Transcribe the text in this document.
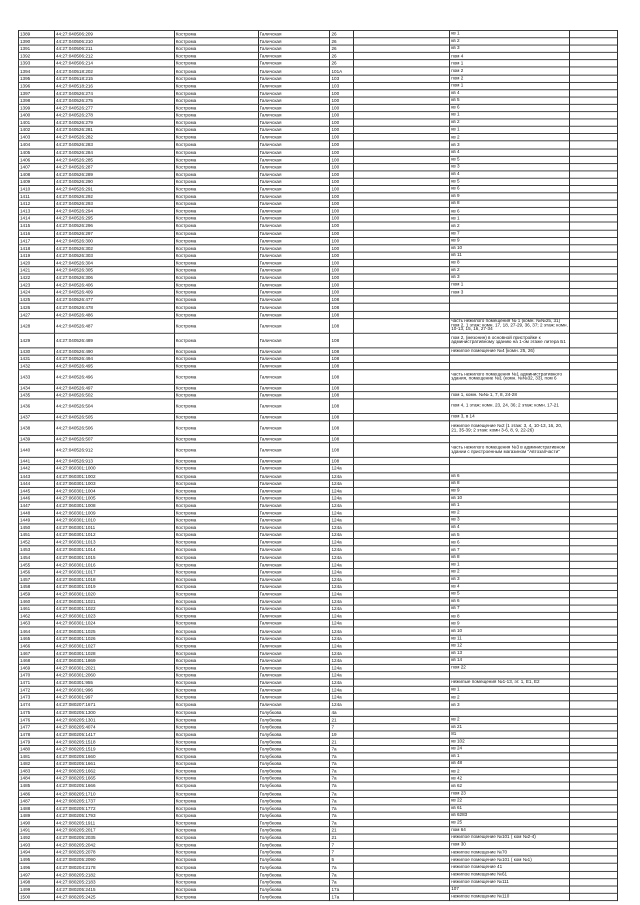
1389	44:27:040506:209	Кострома	Галичская	26		кв 1	
1390	44:27:040506:210	Кострома	Галичская	26		кв 2	
1391	44:27:040506:211	Кострома	Галичская	26		кв 3	
1392	44:27:040506:212	Кострома	Галичская	26		пом 4	
1393	44:27:040506:214	Кострома	Галичская	26		пом 1	
1394	44:27:040518:202	Кострома	Галичская	101А		пом 2	
1395	44:27:040518:215	Кострома	Галичская	103		пом 2	
1396	44:27:040518:216	Кострома	Галичская	103		пом 1	
1397	44:27:040526:274	Кострома	Галичская	100		кв 4	
1398	44:27:040526:275	Кострома	Галичская	100		кв 5	
1399	44:27:040526:277	Кострома	Галичская	100		кв 6	
1400	44:27:040526:278	Кострома	Галичская	100		кв 1	
1401	44:27:040526:279	Кострома	Галичская	100		кв 2	
1402	44:27:040526:281	Кострома	Галичская	100		кв 1	
1403	44:27:040526:282	Кострома	Галичская	100		кв 2	
1404	44:27:040526:283	Кострома	Галичская	100		кв 3	
1405	44:27:040526:284	Кострома	Галичская	100		кв 4	
1406	44:27:040526:285	Кострома	Галичская	100		кв 5	
1407	44:27:040526:287	Кострома	Галичская	100		кв 3	
1408	44:27:040526:289	Кострома	Галичская	100		кв 4	
1409	44:27:040526:290	Кострома	Галичская	100		кв 5	
1410	44:27:040526:291	Кострома	Галичская	100		кв 6	
1411	44:27:040526:292	Кострома	Галичская	100		кв 9	
1412	44:27:040526:293	Кострома	Галичская	100		кв 8	
1413	44:27:040526:294	Кострома	Галичская	100		кв 6	
1414	44:27:040526:295	Кострома	Галичская	100		кв 1	
1415	44:27:040526:296	Кострома	Галичская	100		кв 2	
1416	44:27:040526:297	Кострома	Галичская	100		кв 7	
1417	44:27:040526:300	Кострома	Галичская	100		кв 9	
1418	44:27:040526:302	Кострома	Галичская	100		кв 10	
1419	44:27:040526:303	Кострома	Галичская	100		кв 11	
1420	44:27:040526:304	Кострома	Галичская	100		кв 8	
1421	44:27:040526:305	Кострома	Галичская	100		кв 2	
1422	44:27:040526:306	Кострома	Галичская	100		кв 3	
1423	44:27:040526:406	Кострома	Галичская	100		пом 1	
1424	44:27:040526:409	Кострома	Галичская	100		пом 3	
1425	44:27:040526:477	Кострома	Галичская	108			
1426	44:27:040526:478	Кострома	Галичская	108			
1427	44:27:040526:486	Кострома	Галичская	108			
1428	44:27:040526:487	Кострома	Галичская	108		часть нежилого помещения № 1 (комн. №№25, 31) пом 2, 1 этаж: комн. 17, 18, 27-29, 36, 37; 2 этаж: комн. 10-13, 15, 16, 27-34	
1429	44:27:040526:489	Кострома	Галичская	108		пом 2, (мезонин) в основной пристройке к административному зданию на 1-ом этаже литера Б1	
1430	44:27:040526:490	Кострома	Галичская	108		нежилое помещение №4 (комн. 25, 26)	
1431	44:27:040526:494	Кострома	Галичская	108			
1432	44:27:040526:495	Кострома	Галичская	108			
1433	44:27:040526:496	Кострома	Галичская	108		часть нежилого помещения №1 административного здания, помещение №1 (комн. №№32, 33), пом 6	
1434	44:27:040526:497	Кострома	Галичская	108			
1435	44:27:040526:502	Кострома	Галичская	108		пом 1, комн. №№ 1, 7, 8, 24-28	
1436	44:27:040526:504	Кострома	Галичская	108		пом 4, 1 этаж: комн. 23, 24, 36; 2 этаж: комн. 17-21	
1437	44:27:040526:505	Кострома	Галичская	108		пом 3, в 14	
1438	44:27:040526:506	Кострома	Галичская	108		нежилое помещение №2 (1 этаж: 3, 4, 10-13, 16, 20, 21, 35-39; 2 этаж: комн 3-6, 8, 9, 22-26)	
1439	44:27:040526:507	Кострома	Галичская	108			
1440	44:27:040526:912	Кострома	Галичская	108		часть нежилого помещения №3 в административном здании с пристроенным магазином "Автозапчасти"	
1441	44:27:040526:913	Кострома	Галичская	108			
1442	44:27:060301:1000	Кострома	Галичская	124а			
1443	44:27:060301:1002	Кострома	Галичская	124а		кв 6	
1444	44:27:060301:1003	Кострома	Галичская	124а		кв 8	
1445	44:27:060301:1004	Кострома	Галичская	124а		кв 9	
1446	44:27:060301:1005	Кострома	Галичская	124а		кв 10	
1447	44:27:060301:1008	Кострома	Галичская	124а		кв 1	
1448	44:27:060301:1009	Кострома	Галичская	124а		кв 2	
1449	44:27:060301:1010	Кострома	Галичская	124а		кв 3	
1450	44:27:060301:1011	Кострома	Галичская	124а		кв 4	
1451	44:27:060301:1012	Кострома	Галичская	124а		кв 5	
1452	44:27:060301:1013	Кострома	Галичская	124а		кв 6	
1453	44:27:060301:1014	Кострома	Галичская	124а		кв 7	
1454	44:27:060301:1015	Кострома	Галичская	124а		кв 8	
1455	44:27:060301:1016	Кострома	Галичская	124а		кв 1	
1456	44:27:060301:1017	Кострома	Галичская	124а		кв 2	
1457	44:27:060301:1018	Кострома	Галичская	124а		кв 3	
1458	44:27:060301:1019	Кострома	Галичская	124а		кв 4	
1459	44:27:060301:1020	Кострома	Галичская	124а		кв 5	
1460	44:27:060301:1021	Кострома	Галичская	124а		кв 6	
1461	44:27:060301:1022	Кострома	Галичская	124а		кв 7	
1462	44:27:060301:1023	Кострома	Галичская	124а		кв 8	
1463	44:27:060301:1024	Кострома	Галичская	124а		кв 9	
1464	44:27:060301:1025	Кострома	Галичская	124а		кв 10	
1465	44:27:060301:1026	Кострома	Галичская	124а		кв 11	
1466	44:27:060301:1027	Кострома	Галичская	124а		кв 12	
1467	44:27:060301:1028	Кострома	Галичская	124а		кв 13	
1468	44:27:060301:1869	Кострома	Галичская	124а		кв 14	
1469	44:27:060301:2021	Кострома	Галичская	124а		пом 22	
1470	44:27:060301:2060	Кострома	Галичская	124а			
1471	44:27:060301:955	Кострома	Галичская	124а		нежилые помещения №1-13, эт. 1, Е1, Е2	
1472	44:27:060301:996	Кострома	Галичская	124а		кв 1	
1473	44:27:060301:997	Кострома	Галичская	124а		кв 2	
1474	44:27:080207:1671	Кострома	Галичская	124а		кв 3	
1475	44:27:080205:1300	Кострома	Голубкова	4а			
1476	44:27:080205:1301	Кострома	Голубкова	21		кв 2	
1477	44:27:080205:4074	Кострома	Голубкова	7		кв 21	
1478	44:27:080205:1417	Кострома	Голубкова	19		81	
1479	44:27:080205:1518	Кострома	Голубкова	21		кв 102	
1480	44:27:080205:1519	Кострома	Голубкова	7а		кв 24	
1481	44:27:080205:1660	Кострома	Голубкова	7а		кв 1	
1482	44:27:080205:1661	Кострома	Голубкова	7а		кв 48	
1483	44:27:080205:1662	Кострома	Голубкова	7а		кв 2	
1484	44:27:080205:1665	Кострома	Голубкова	7а		кв 42	
1485	44:27:080205:1666	Кострома	Голубкова	7а		кв 62	
1486	44:27:080205:1710	Кострома	Голубкова	7а		пом 23	
1487	44:27:080205:1737	Кострома	Голубкова	7а		кв 22	
1488	44:27:080205:1772	Кострома	Голубкова	7а		кв 61	
1489	44:27:080205:1793	Кострома	Голубкова	7а		кв 6283	
1490	44:27:080205:1911	Кострома	Голубкова	7а		кв 25	
1491	44:27:080205:2017	Кострома	Голубкова	21		пом 64	
1492	44:27:080205:2035	Кострома	Голубкова	21		нежилое помещение №101 ( ком №2-4)	
1493	44:27:080205:2042	Кострома	Голубкова	7		пом 30	
1494	44:27:080205:2078	Кострома	Голубкова	7		нежилое помещение №70	
1495	44:27:080205:2090	Кострома	Голубкова	5		нежилое помещение №101 ( ком №1)	
1496	44:27:080204:2178	Кострома	Голубкова	7а		нежилое помещение 41	
1497	44:27:080205:2182	Кострома	Голубкова	7а		нежилое помещение №61	
1498	44:27:080205:2183	Кострома	Голубкова	7а		нежилое помещение №111	
1499	44:27:080205:2415	Кострома	Голубкова	17а		107	
1500	44:27:080205:2425	Кострома	Голубкова	17а		нежилое помещение №110	
